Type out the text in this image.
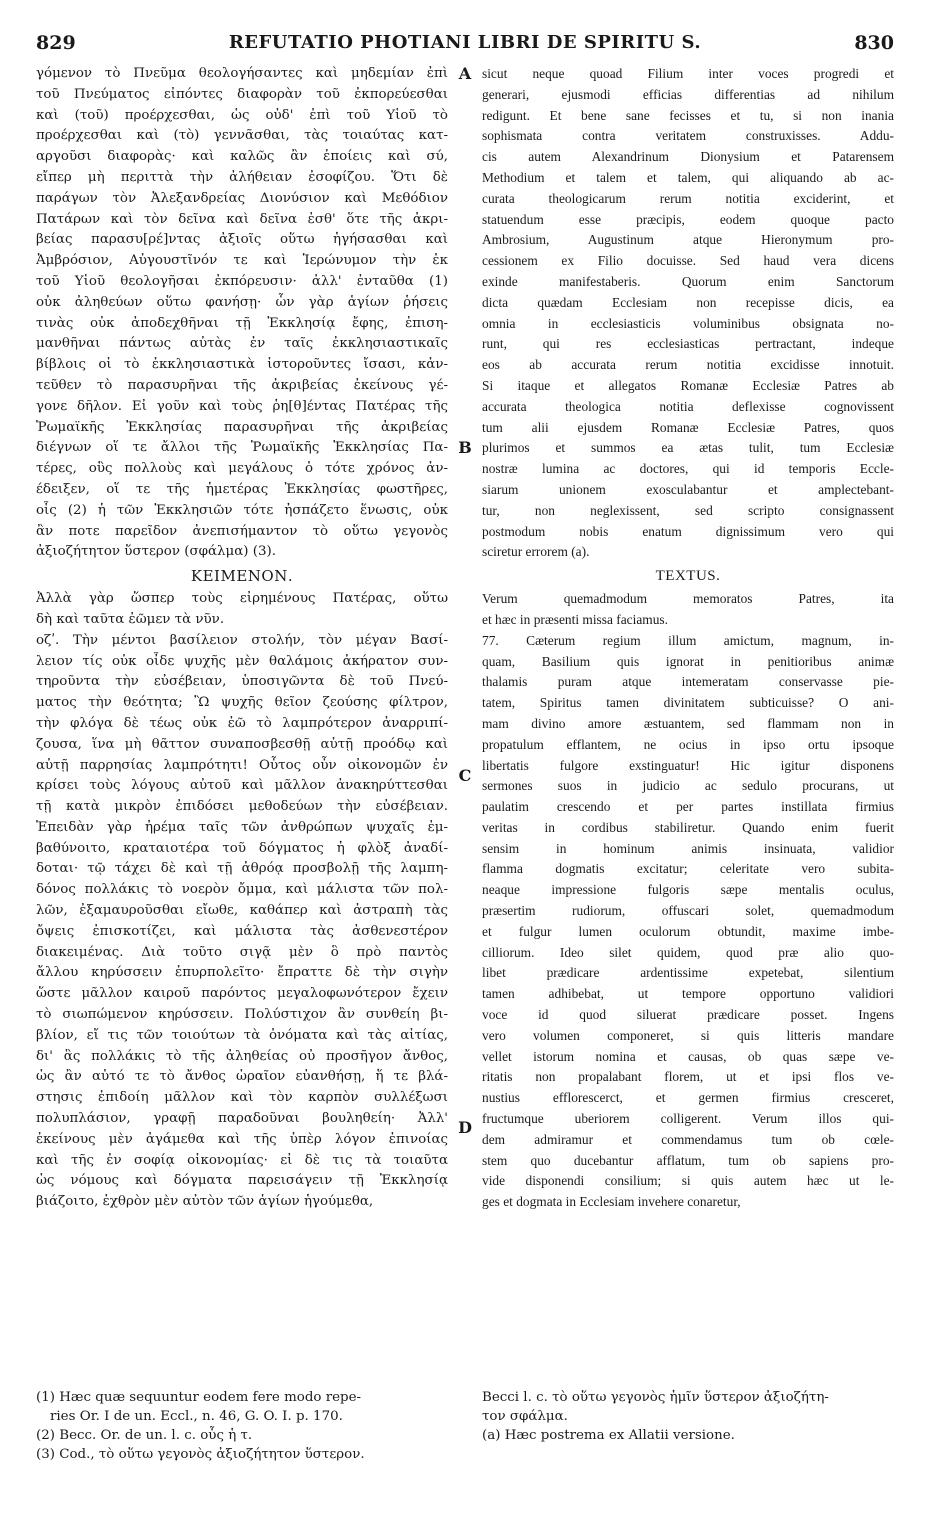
829	REFUTATIO PHOTIANI LIBRI DE SPIRITU S.	830
γόμενον τὸ Πνεῦμα θεολογήσαντες καὶ μηδεμίαν ἐπὶ
τοῦ Πνεύματος εἰπόντες διαφορὰν τοῦ ἐκπορεύεσθαι
καὶ (τοῦ) προέρχεσθαι, ὡς οὐδ' ἐπὶ τοῦ Υἱοῦ τὸ
προέρχεσθαι καὶ (τὸ) γεννᾶσθαι, τὰς τοιαύτας κατ-
αργοῦσι διαφορὰς· καὶ καλῶς ἂν ἐποίεις καὶ σύ,
εἴπερ μὴ περιττὰ τὴν ἀλήθειαν ἐσοφίζου. Ὅτι δὲ
παράγων τὸν Ἀλεξανδρείας Διονύσιον καὶ Μεθόδιον
Πατάρων καὶ τὸν δεῖνα καὶ δεῖνα ἐσθ' ὅτε τῆς ἀκρι-
βείας παρασυ[ρέ]ντας ἀξιοῖς οὕτω ἡγήσασθαι καὶ
Ἀμβρόσιον, Αὐγουστῖνόν τε καὶ Ἱερώνυμον τὴν ἐκ
τοῦ Υἱοῦ θεολογῆσαι ἐκπόρευσιν· ἀλλ' ἐνταῦθα (1)
οὐκ ἀληθεύων οὕτω φανήσῃ· ὧν γὰρ ἁγίων ῥήσεις
τινὰς οὐκ ἀποδεχθῆναι τῇ Ἐκκλησίᾳ ἔφης, ἐπιση-
μανθῆναι πάντως αὐτὰς ἐν ταῖς ἐκκλησιαστικαῖς
βίβλοις οἱ τὸ ἐκκλησιαστικὰ ἱστοροῦντες ἴσασι, κἀν-
τεῦθεν τὸ παρασυρῆναι τῆς ἀκριβείας ἐκείνους γέ-
γονε δῆλον. Εἰ γοῦν καὶ τοὺς ῥη[θ]έντας Πατέρας τῆς
Ῥωμαϊκῆς Ἐκκλησίας παρασυρῆναι τῆς ἀκριβείας
διέγνων οἵ τε ἄλλοι τῆς Ῥωμαϊκῆς Ἐκκλησίας Πα-
τέρες, οὓς πολλοὺς καὶ μεγάλους ὁ τότε χρόνος ἀν-
έδειξεν, οἵ τε τῆς ἡμετέρας Ἐκκλησίας φωστῆρες,
οἷς (2) ἡ τῶν Ἐκκλησιῶν τότε ἠσπάζετο ἕνωσις, οὐκ
ἂν ποτε παρεῖδον ἀνεπισήμαντον τὸ οὕτω γεγονὸς
ἀξιοζήτητον ὕστερον (σφάλμα) (3).
ΚΕΙΜΕΝΟΝ.
Ἀλλὰ γὰρ ὥσπερ τοὺς εἰρημένους Πατέρας, οὕτω
δὴ καὶ ταῦτα ἐῶμεν τὰ νῦν.
οζʹ. Τὴν μέντοι βασίλειον στολήν, τὸν μέγαν Βασί-
λειον τίς οὐκ οἶδε ψυχῆς μὲν θαλάμοις ἀκήρατον συν-
τηροῦντα τὴν εὐσέβειαν, ὑποσιγῶντα δὲ τοῦ Πνεύ-
ματος τὴν θεότητα; Ὢ ψυχῆς θεῖον ζεούσης φίλτρον,
τὴν φλόγα δὲ τέως οὐκ ἐῶ τὸ λαμπρότερον ἀναρριπί-
ζουσα, ἵνα μὴ θᾶττον συναποσβεσθῇ αὐτῇ προόδῳ καὶ
αὐτῇ παρρησίας λαμπρότητι! Οὗτος οὖν οἰκονομῶν ἐν
κρίσει τοὺς λόγους αὐτοῦ καὶ μᾶλλον ἀνακηρύττεσθαι
τῇ κατὰ μικρὸν ἐπιδόσει μεθοδεύων τὴν εὐσέβειαν.
Ἐπειδὰν γὰρ ἠρέμα ταῖς τῶν ἀνθρώπων ψυχαῖς ἐμ-
βαθύνοιτο, κραταιοτέρα τοῦ δόγματος ἡ φλὸξ ἀναδί-
δοται· τῷ τάχει δὲ καὶ τῇ ἀθρόᾳ προσβολῇ τῆς λαμπη-
δόνος πολλάκις τὸ νοερὸν ὄμμα, καὶ μάλιστα τῶν πολ-
λῶν, ἐξαμαυροῦσθαι εἴωθε, καθάπερ καὶ ἀστραπὴ τὰς
ὄψεις ἐπισκοτίζει, καὶ μάλιστα τὰς ἀσθενεστέρον
διακειμένας. Διὰ τοῦτο σιγᾷ μὲν ὃ πρὸ παντὸς
ἄλλου κηρύσσειν ἐπυρπολεῖτο· ἔπραττε δὲ τὴν σιγὴν
ὥστε μᾶλλον καιροῦ παρόντος μεγαλοφωνότερον ἔχειν
τὸ σιωπώμενον κηρύσσειν. Πολύστιχον ἂν συνθείη βι-
βλίον, εἴ τις τῶν τοιούτων τὰ ὀνόματα καὶ τὰς αἰτίας,
δι' ἃς πολλάκις τὸ τῆς ἀληθείας οὐ προσῆγον ἄνθος,
ὡς ἂν αὐτό τε τὸ ἄνθος ὡραῖον εὐανθήσῃ, ἥ τε βλά-
στησις ἐπιδοίη μᾶλλον καὶ τὸν καρπὸν συλλέξωσι
πολυπλάσιον, γραφῇ παραδοῦναι βουληθείη· Ἀλλ'
ἐκείνους μὲν ἀγάμεθα καὶ τῆς ὑπὲρ λόγον ἐπινοίας
καὶ τῆς ἐν σοφίᾳ οἰκονομίας· εἰ δὲ τις τὰ τοιαῦτα
ὡς νόμους καὶ δόγματα παρεισάγειν τῇ Ἐκκλησίᾳ
βιάζοιτο, ἐχθρὸν μὲν αὐτὸν τῶν ἁγίων ἡγούμεθα,
A
B
C
D
sicut neque quoad Filium inter voces progredi et
generari, ejusmodi efficias differentias ad nihilum
redigunt. Et bene sane fecisses et tu, si non inania
sophismata contra veritatem construxisses. Addu-
cis autem Alexandrinum Dionysium et Patarensem
Methodium et talem et talem, qui aliquando ab ac-
curata theologicarum rerum notitia exciderint, et
statuendum esse præcipis, eodem quoque pacto
Ambrosium, Augustinum atque Hieronymum pro-
cessionem ex Filio docuisse. Sed haud vera dicens
exinde manifestaberis. Quorum enim Sanctorum
dicta quædam Ecclesiam non recepisse dicis, ea
omnia in ecclesiasticis voluminibus obsignata no-
runt, qui res ecclesiasticas pertractant, indeque
eos ab accurata rerum notitia excidisse innotuit.
Si itaque et allegatos Romanæ Ecclesiæ Patres ab
accurata theologica notitia deflexisse cognovissent
tum alii ejusdem Romanæ Ecclesiæ Patres, quos
plurimos et summos ea ætas tulit, tum Ecclesiæ
nostræ lumina ac doctores, qui id temporis Eccle-
siarum unionem exosculabantur et amplectebant-
tur, non neglexissent, sed scripto consignassent
postmodum nobis enatum dignissimum vero qui
sciretur errorem (a).
TEXTUS.
Verum quemadmodum memoratos Patres, ita
et hæc in præsenti missa faciamus.
77. Cæterum regium illum amictum, magnum, in-
quam, Basilium quis ignorat in penitioribus animæ
thalamis puram atque intemeratam conservasse pie-
tatem, Spiritus tamen divinitatem subticuisse? O ani-
mam divino amore æstuantem, sed flammam non in
propatulum efflantem, ne ocius in ipso ortu ipsoque
libertatis fulgore exstinguatur! Hic igitur disponens
sermones suos in judicio ac sedulo procurans, ut
paulatim crescendo et per partes instillata firmius
veritas in cordibus stabiliretur. Quando enim fuerit
sensim in hominum animis insinuata, validior
flamma dogmatis excitatur; celeritate vero subita-
neaque impressione fulgoris sæpe mentalis oculus,
præsertim rudiorum, offuscari solet, quemadmodum
et fulgur lumen oculorum obtundit, maxime imbe-
cilliorum. Ideo silet quidem, quod præ alio quo-
libet prædicare ardentissime expetebat, silentium
tamen adhibebat, ut tempore opportuno validiori
voce id quod siluerat prædicare posset. Ingens
vero volumen componeret, si quis litteris mandare
vellet istorum nomina et causas, ob quas sæpe ve-
ritatis non propalabant florem, ut et ipsi flos ve-
nustius efflorescerct, et germen firmius cresceret,
fructumque uberiorem colligerent. Verum illos qui-
dem admiramur et commendamus tum ob cœle-
stem quo ducebantur afflatum, tum ob sapiens pro-
vide disponendi consilium; si quis autem hæc ut le-
ges et dogmata in Ecclesiam invehere conaretur,
(1) Hæc quæ sequuntur eodem fere modo repe-
ries Or. I de un. Eccl., n. 46, G. O. I. p. 170.
(2) Becc. Or. de un. l. c. οὗς ἡ τ.
(3) Cod., τὸ οὕτω γεγονὸς ἀξιοζήτητον ὕστερον.
Becci l. c. τὸ οὕτω γεγονὸς ἡμῖν ὕστερον ἀξιοζήτη-
τον σφάλμα.
(a) Hæc postrema ex Allatii versione.
